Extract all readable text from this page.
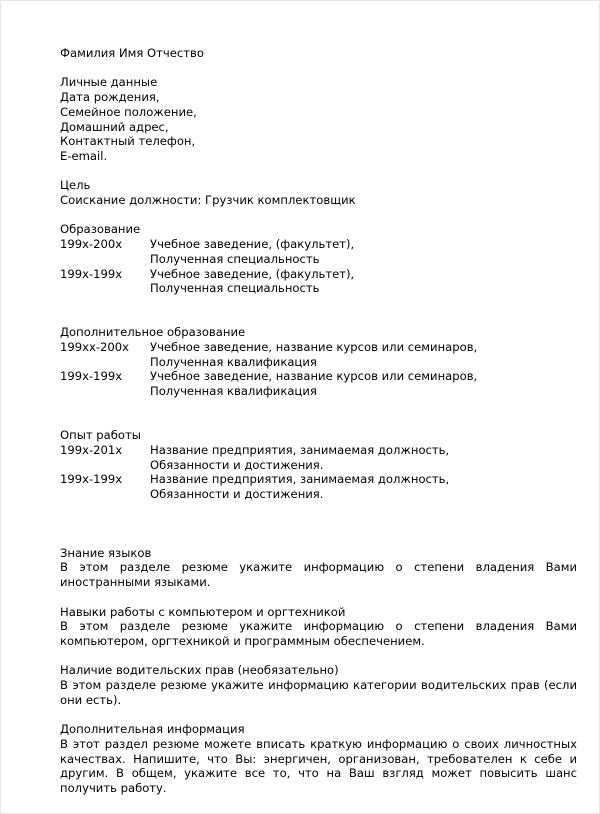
Фамилия Имя Отчество
Личные данные
Дата рождения,
Семейное положение,
Домашний адрес,
Контактный телефон,
E-email.
Цель
Соискание должности: Грузчик комплектовщик
Образование
199x-200x	Учебное заведение, (факультет),
Полученная специальность
199x-199x	Учебное заведение, (факультет),
Полученная специальность
Дополнительное образование
199xx-200x	Учебное заведение, название курсов или семинаров,
Полученная квалификация
199x-199x	Учебное заведение, название курсов или семинаров,
Полученная квалификация
Опыт работы
199x-201x	Название предприятия, занимаемая должность,
Обязанности и достижения.
199x-199x	Название предприятия, занимаемая должность,
Обязанности и достижения.
Знание языков
В этом разделе резюме укажите информацию о степени владения Вами иностранными языками.
Навыки работы с компьютером и оргтехникой
В этом разделе резюме укажите информацию о степени владения Вами компьютером, оргтехникой и программным обеспечением.
Наличие водительских прав (необязательно)
В этом разделе резюме укажите информацию категории водительских прав (если они есть).
Дополнительная информация
В этот раздел резюме можете вписать краткую информацию о своих личностных качествах. Напишите, что Вы: энергичен, организован, требователен к себе и другим. В общем, укажите все то, что на Ваш взгляд может повысить шанс получить работу.
